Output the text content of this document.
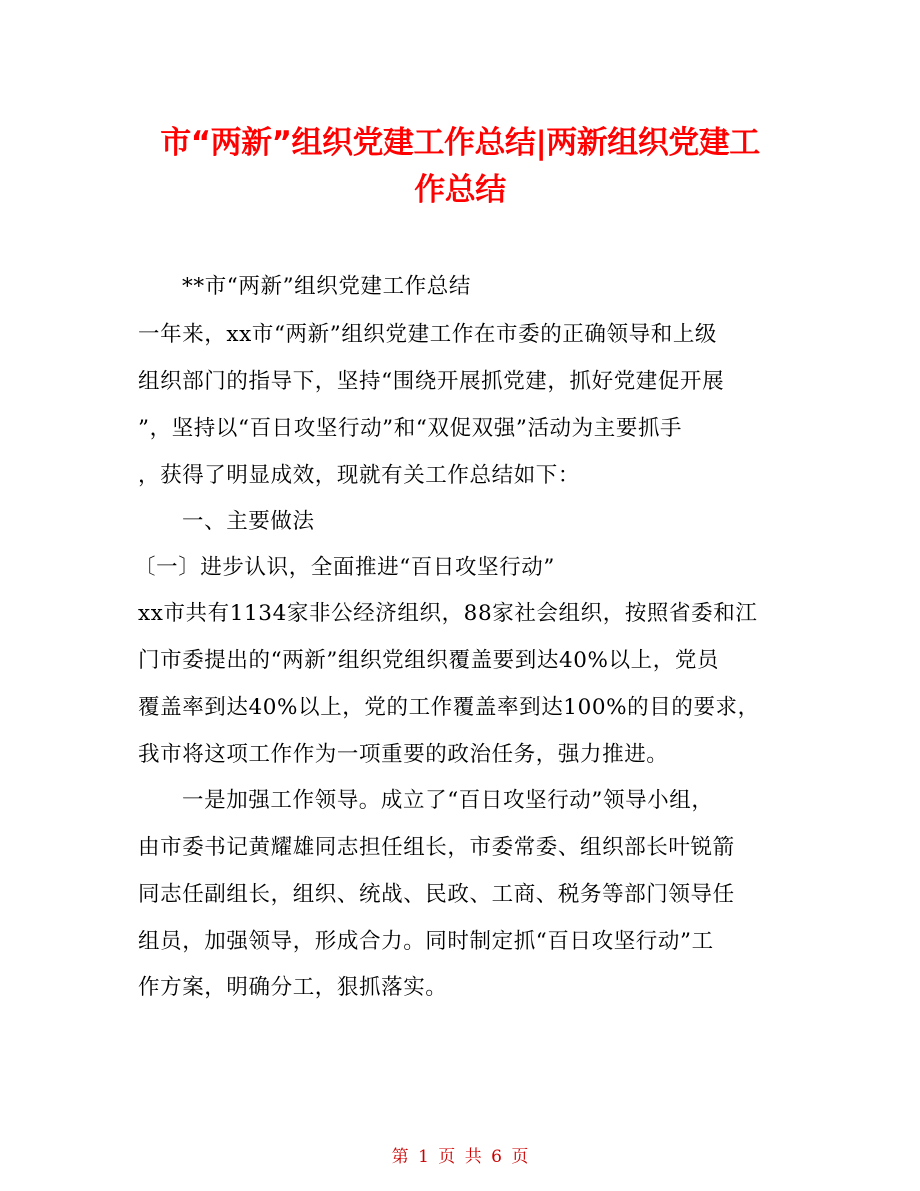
市“两新”组织党建工作总结|两新组织党建工
作总结
**市“两新”组织党建工作总结
一年来，xx市“两新”组织党建工作在市委的正确领导和上级
组织部门的指导下，坚持“围绕开展抓党建，抓好党建促开展
”，坚持以“百日攻坚行动”和“双促双强”活动为主要抓手
，获得了明显成效，现就有关工作总结如下：
一、主要做法
〔一〕进步认识，全面推进“百日攻坚行动”
xx市共有1134家非公经济组织，88家社会组织，按照省委和江
门市委提出的“两新”组织党组织覆盖要到达40%以上，党员
覆盖率到达40%以上，党的工作覆盖率到达100%的目的要求，
我市将这项工作作为一项重要的政治任务，强力推进。
一是加强工作领导。成立了“百日攻坚行动”领导小组，
由市委书记黄耀雄同志担任组长，市委常委、组织部长叶锐箭
同志任副组长，组织、统战、民政、工商、税务等部门领导任
组员，加强领导，形成合力。同时制定抓“百日攻坚行动”工
作方案，明确分工，狠抓落实。
第 1 页 共 6 页
